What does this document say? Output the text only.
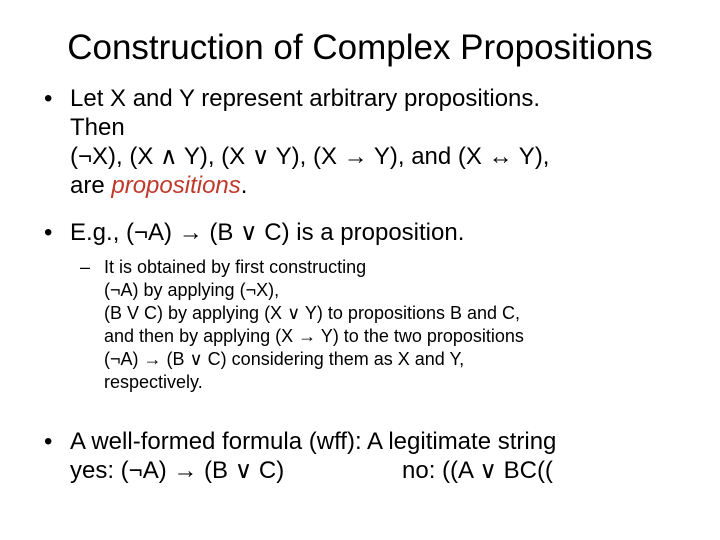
Construction of Complex Propositions
• Let X and Y represent arbitrary propositions.
Then
(¬X), (X ∧ Y), (X ∨ Y), (X → Y), and (X ↔ Y),
are propositions.
• E.g., (¬A) → (B ∨ C) is a proposition.
– It is obtained by first constructing
(¬A) by applying (¬X),
(B V C) by applying (X ∨ Y) to propositions B and C,
and then by applying (X → Y) to the two propositions
(¬A) → (B ∨ C) considering them as X and Y,
respectively.
• A well-formed formula (wff): A legitimate string
yes: (¬A) → (B ∨ C)	no: ((A ∨ BC((
